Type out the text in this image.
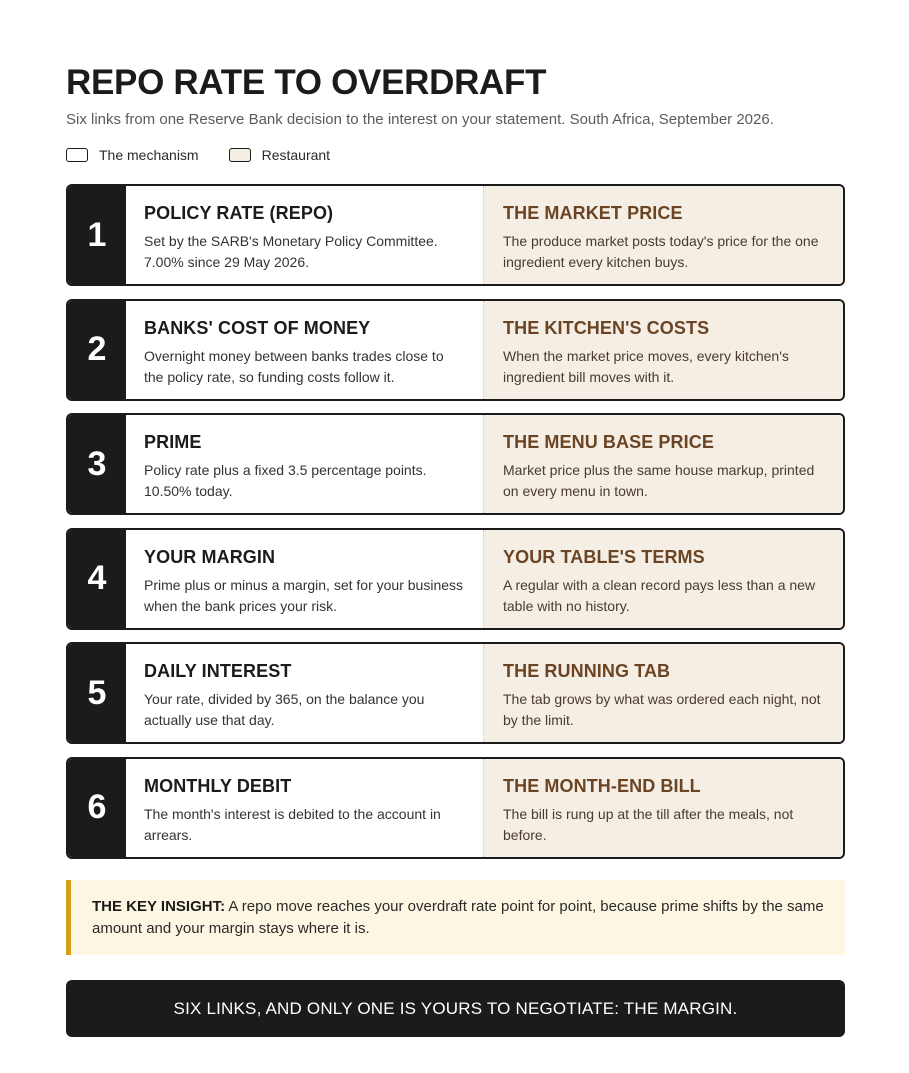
REPO RATE TO OVERDRAFT
Six links from one Reserve Bank decision to the interest on your statement. South Africa, September 2026.
The mechanism	Restaurant
1
POLICY RATE (REPO)
Set by the SARB's Monetary Policy Committee. 7.00% since 29 May 2026.
THE MARKET PRICE
The produce market posts today's price for the one ingredient every kitchen buys.
2
BANKS' COST OF MONEY
Overnight money between banks trades close to the policy rate, so funding costs follow it.
THE KITCHEN'S COSTS
When the market price moves, every kitchen's ingredient bill moves with it.
3
PRIME
Policy rate plus a fixed 3.5 percentage points. 10.50% today.
THE MENU BASE PRICE
Market price plus the same house markup, printed on every menu in town.
4
YOUR MARGIN
Prime plus or minus a margin, set for your business when the bank prices your risk.
YOUR TABLE'S TERMS
A regular with a clean record pays less than a new table with no history.
5
DAILY INTEREST
Your rate, divided by 365, on the balance you actually use that day.
THE RUNNING TAB
The tab grows by what was ordered each night, not by the limit.
6
MONTHLY DEBIT
The month's interest is debited to the account in arrears.
THE MONTH-END BILL
The bill is rung up at the till after the meals, not before.
THE KEY INSIGHT: A repo move reaches your overdraft rate point for point, because prime shifts by the same amount and your margin stays where it is.
SIX LINKS, AND ONLY ONE IS YOURS TO NEGOTIATE: THE MARGIN.
